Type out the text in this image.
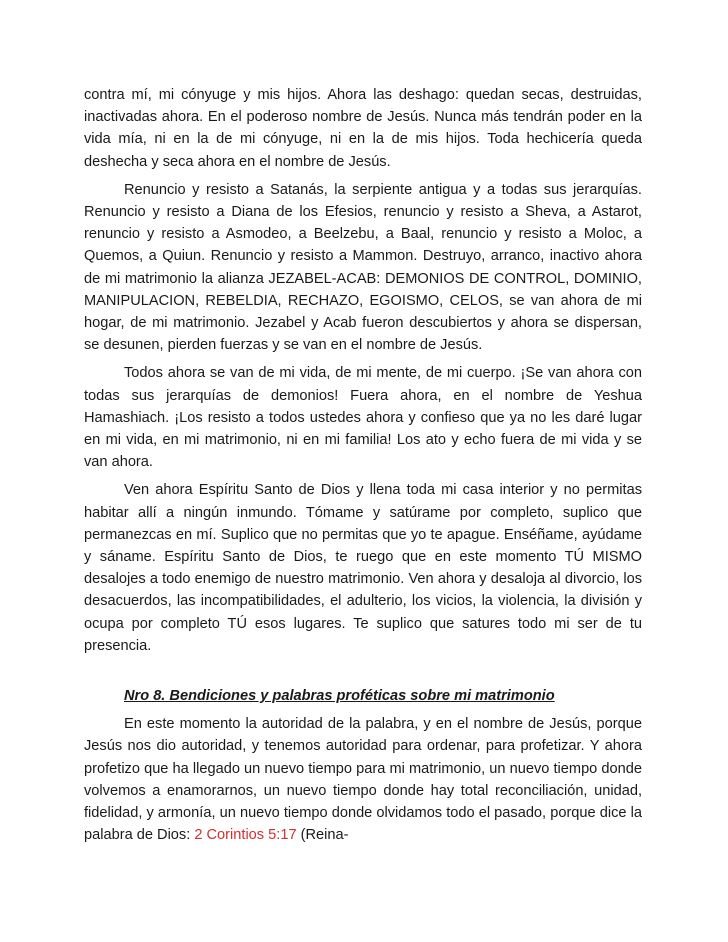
contra mí, mi cónyuge y mis hijos. Ahora las deshago: quedan secas, destruidas, inactivadas ahora. En el poderoso nombre de Jesús. Nunca más tendrán poder en la vida mía, ni en la de mi cónyuge, ni en la de mis hijos. Toda hechicería queda deshecha y seca ahora en el nombre de Jesús.

Renuncio y resisto a Satanás, la serpiente antigua y a todas sus jerarquías. Renuncio y resisto a Diana de los Efesios, renuncio y resisto a Sheva, a Astarot, renuncio y resisto a Asmodeo, a Beelzebu, a Baal, renuncio y resisto a Moloc, a Quemos, a Quiun. Renuncio y resisto a Mammon. Destruyo, arranco, inactivo ahora de mi matrimonio la alianza JEZABEL-ACAB: DEMONIOS DE CONTROL, DOMINIO, MANIPULACION, REBELDIA, RECHAZO, EGOISMO, CELOS, se van ahora de mi hogar, de mi matrimonio. Jezabel y Acab fueron descubiertos y ahora se dispersan, se desunen, pierden fuerzas y se van en el nombre de Jesús.

Todos ahora se van de mi vida, de mi mente, de mi cuerpo. ¡Se van ahora con todas sus jerarquías de demonios! Fuera ahora, en el nombre de Yeshua Hamashiach. ¡Los resisto a todos ustedes ahora y confieso que ya no les daré lugar en mi vida, en mi matrimonio, ni en mi familia! Los ato y echo fuera de mi vida y se van ahora.

Ven ahora Espíritu Santo de Dios y llena toda mi casa interior y no permitas habitar allí a ningún inmundo. Tómame y satúrame por completo, suplico que permanezcas en mí. Suplico que no permitas que yo te apague. Enséñame, ayúdame y sáname. Espíritu Santo de Dios, te ruego que en este momento TÚ MISMO desalojes a todo enemigo de nuestro matrimonio. Ven ahora y desaloja al divorcio, los desacuerdos, las incompatibilidades, el adulterio, los vicios, la violencia, la división y ocupa por completo TÚ esos lugares. Te suplico que satures todo mi ser de tu presencia.

Nro 8. Bendiciones y palabras proféticas sobre mi matrimonio

En este momento la autoridad de la palabra, y en el nombre de Jesús, porque Jesús nos dio autoridad, y tenemos autoridad para ordenar, para profetizar. Y ahora profetizo que ha llegado un nuevo tiempo para mi matrimonio, un nuevo tiempo donde volvemos a enamorarnos, un nuevo tiempo donde hay total reconciliación, unidad, fidelidad, y armonía, un nuevo tiempo donde olvidamos todo el pasado, porque dice la palabra de Dios: 2 Corintios 5:17 (Reina-
